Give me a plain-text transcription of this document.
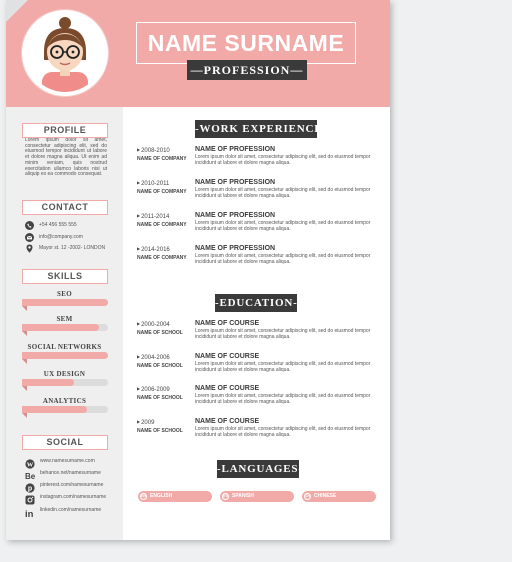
NAME SURNAME
—PROFESSION—
PROFILE
Lorem ipsum dolor sit amet, consectetur adipiscing elit, sed do eiusmod tempor incididunt ut labore et dolore magna aliqua. Ut enim ad minim veniam, quis nostrud exercitation ullamco laboris nisi ut aliquip ex ea commodo consequat.
CONTACT
+54 456 555 555
info@company.com
Mayor st. 12 -2002- LONDON
SKILLS
SEO
SEM
SOCIAL NETWORKS
UX DESIGN
ANALYTICS
SOCIAL
W
www.namesurname.com
Be behance.net/namesurname
p
pinterest.com/namesurname
instagram.com/namesurname
in linkedin.com/namesurname
-WORK EXPERIENCE-
▶ 2008-2010
NAME OF COMPANY
NAME OF PROFESSION
Lorem ipsum dolor sit amet, consectetur adipiscing elit, sed do eiusmod tempor incididunt ut labore et dolore magna aliqua.
▶ 2010-2011
NAME OF COMPANY
NAME OF PROFESSION
Lorem ipsum dolor sit amet, consectetur adipiscing elit, sed do eiusmod tempor incididunt ut labore et dolore magna aliqua.
▶ 2011-2014
NAME OF COMPANY
NAME OF PROFESSION
Lorem ipsum dolor sit amet, consectetur adipiscing elit, sed do eiusmod tempor incididunt ut labore et dolore magna aliqua.
▶ 2014-2016
NAME OF COMPANY
NAME OF PROFESSION
Lorem ipsum dolor sit amet, consectetur adipiscing elit, sed do eiusmod tempor incididunt ut labore et dolore magna aliqua.
-EDUCATION-
▶ 2000-2004
NAME OF SCHOOL
NAME OF COURSE
Lorem ipsum dolor sit amet, consectetur adipiscing elit, sed do eiusmod tempor incididunt ut labore et dolore magna aliqua.
▶ 2004-2006
NAME OF SCHOOL
NAME OF COURSE
Lorem ipsum dolor sit amet, consectetur adipiscing elit, sed do eiusmod tempor incididunt ut labore et dolore magna aliqua.
▶ 2006-2009
NAME OF SCHOOL
NAME OF COURSE
Lorem ipsum dolor sit amet, consectetur adipiscing elit, sed do eiusmod tempor incididunt ut labore et dolore magna aliqua.
▶ 2009
NAME OF SCHOOL
NAME OF COURSE
Lorem ipsum dolor sit amet, consectetur adipiscing elit, sed do eiusmod tempor incididunt ut labore et dolore magna aliqua.
-LANGUAGES-
EN ENGLISH	ES SPANISH	CH CHINESE
